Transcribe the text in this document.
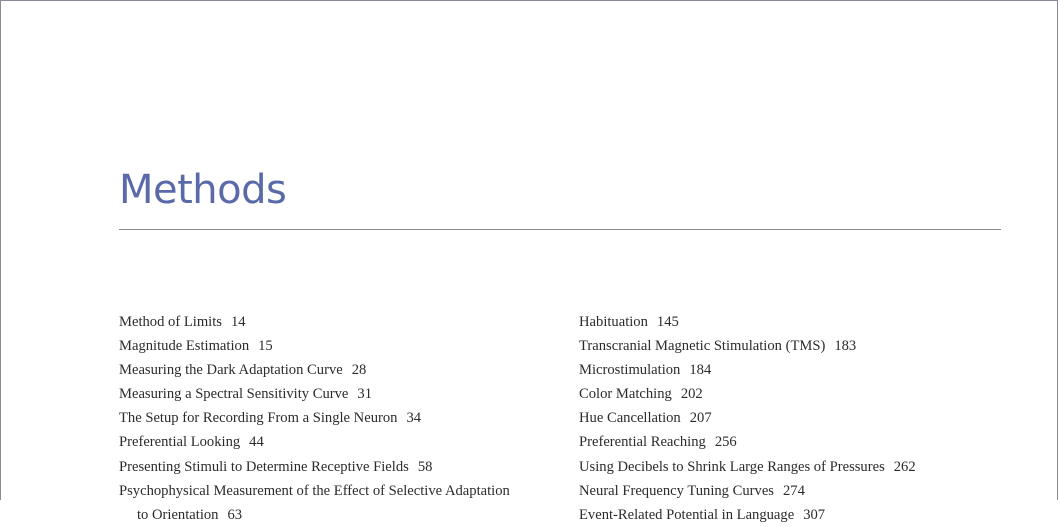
Methods
Method of Limits 14
Magnitude Estimation 15
Measuring the Dark Adaptation Curve 28
Measuring a Spectral Sensitivity Curve 31
The Setup for Recording From a Single Neuron 34
Preferential Looking 44
Presenting Stimuli to Determine Receptive Fields 58
Psychophysical Measurement of the Effect of Selective Adaptation to Orientation 63
Habituation 145
Transcranial Magnetic Stimulation (TMS) 183
Microstimulation 184
Color Matching 202
Hue Cancellation 207
Preferential Reaching 256
Using Decibels to Shrink Large Ranges of Pressures 262
Neural Frequency Tuning Curves 274
Event-Related Potential in Language 307
